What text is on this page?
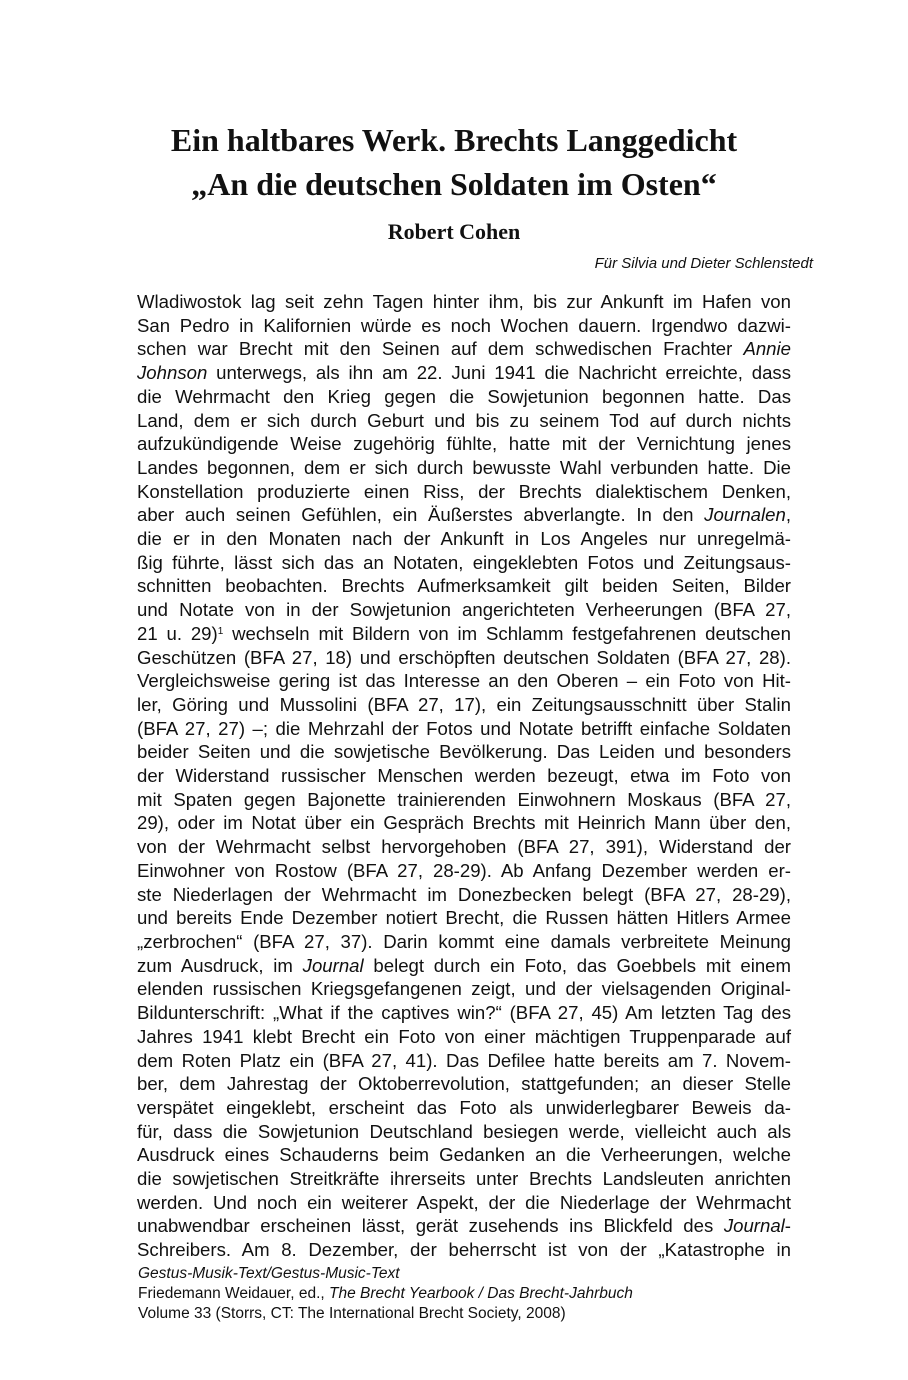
Ein haltbares Werk. Brechts Langgedicht
„An die deutschen Soldaten im Osten“
Robert Cohen
Für Silvia und Dieter Schlenstedt
Wladiwostok lag seit zehn Tagen hinter ihm, bis zur Ankunft im Hafen von
San Pedro in Kalifornien würde es noch Wochen dauern. Irgendwo dazwi-
schen war Brecht mit den Seinen auf dem schwedischen Frachter Annie
Johnson unterwegs, als ihn am 22. Juni 1941 die Nachricht erreichte, dass
die Wehrmacht den Krieg gegen die Sowjetunion begonnen hatte. Das
Land, dem er sich durch Geburt und bis zu seinem Tod auf durch nichts
aufzukündigende Weise zugehörig fühlte, hatte mit der Vernichtung jenes
Landes begonnen, dem er sich durch bewusste Wahl verbunden hatte. Die
Konstellation produzierte einen Riss, der Brechts dialektischem Denken,
aber auch seinen Gefühlen, ein Äußerstes abverlangte. In den Journalen,
die er in den Monaten nach der Ankunft in Los Angeles nur unregelmä-
ßig führte, lässt sich das an Notaten, eingeklebten Fotos und Zeitungsaus-
schnitten beobachten. Brechts Aufmerksamkeit gilt beiden Seiten, Bilder
und Notate von in der Sowjetunion angerichteten Verheerungen (BFA 27,
21 u. 29)$^1$ wechseln mit Bildern von im Schlamm festgefahrenen deutschen
Geschützen (BFA 27, 18) und erschöpften deutschen Soldaten (BFA 27, 28).
Vergleichsweise gering ist das Interesse an den Oberen – ein Foto von Hit-
ler, Göring und Mussolini (BFA 27, 17), ein Zeitungsausschnitt über Stalin
(BFA 27, 27) –; die Mehrzahl der Fotos und Notate betrifft einfache Soldaten
beider Seiten und die sowjetische Bevölkerung. Das Leiden und besonders
der Widerstand russischer Menschen werden bezeugt, etwa im Foto von
mit Spaten gegen Bajonette trainierenden Einwohnern Moskaus (BFA 27,
29), oder im Notat über ein Gespräch Brechts mit Heinrich Mann über den,
von der Wehrmacht selbst hervorgehoben (BFA 27, 391), Widerstand der
Einwohner von Rostow (BFA 27, 28-29). Ab Anfang Dezember werden er-
ste Niederlagen der Wehrmacht im Donezbecken belegt (BFA 27, 28-29),
und bereits Ende Dezember notiert Brecht, die Russen hätten Hitlers Armee
„zerbrochen“ (BFA 27, 37). Darin kommt eine damals verbreitete Meinung
zum Ausdruck, im Journal belegt durch ein Foto, das Goebbels mit einem
elenden russischen Kriegsgefangenen zeigt, und der vielsagenden Original-
Bildunterschrift: „What if the captives win?“ (BFA 27, 45) Am letzten Tag des
Jahres 1941 klebt Brecht ein Foto von einer mächtigen Truppenparade auf
dem Roten Platz ein (BFA 27, 41). Das Defilee hatte bereits am 7. Novem-
ber, dem Jahrestag der Oktoberrevolution, stattgefunden; an dieser Stelle
verspätet eingeklebt, erscheint das Foto als unwiderlegbarer Beweis da-
für, dass die Sowjetunion Deutschland besiegen werde, vielleicht auch als
Ausdruck eines Schauderns beim Gedanken an die Verheerungen, welche
die sowjetischen Streitkräfte ihrerseits unter Brechts Landsleuten anrichten
werden. Und noch ein weiterer Aspekt, der die Niederlage der Wehrmacht
unabwendbar erscheinen lässt, gerät zusehends ins Blickfeld des Journal-
Schreibers. Am 8. Dezember, der beherrscht ist von der „Katastrophe in
Gestus-Musik-Text/Gestus-Music-Text
Friedemann Weidauer, ed., The Brecht Yearbook / Das Brecht-Jahrbuch
Volume 33 (Storrs, CT: The International Brecht Society, 2008)
